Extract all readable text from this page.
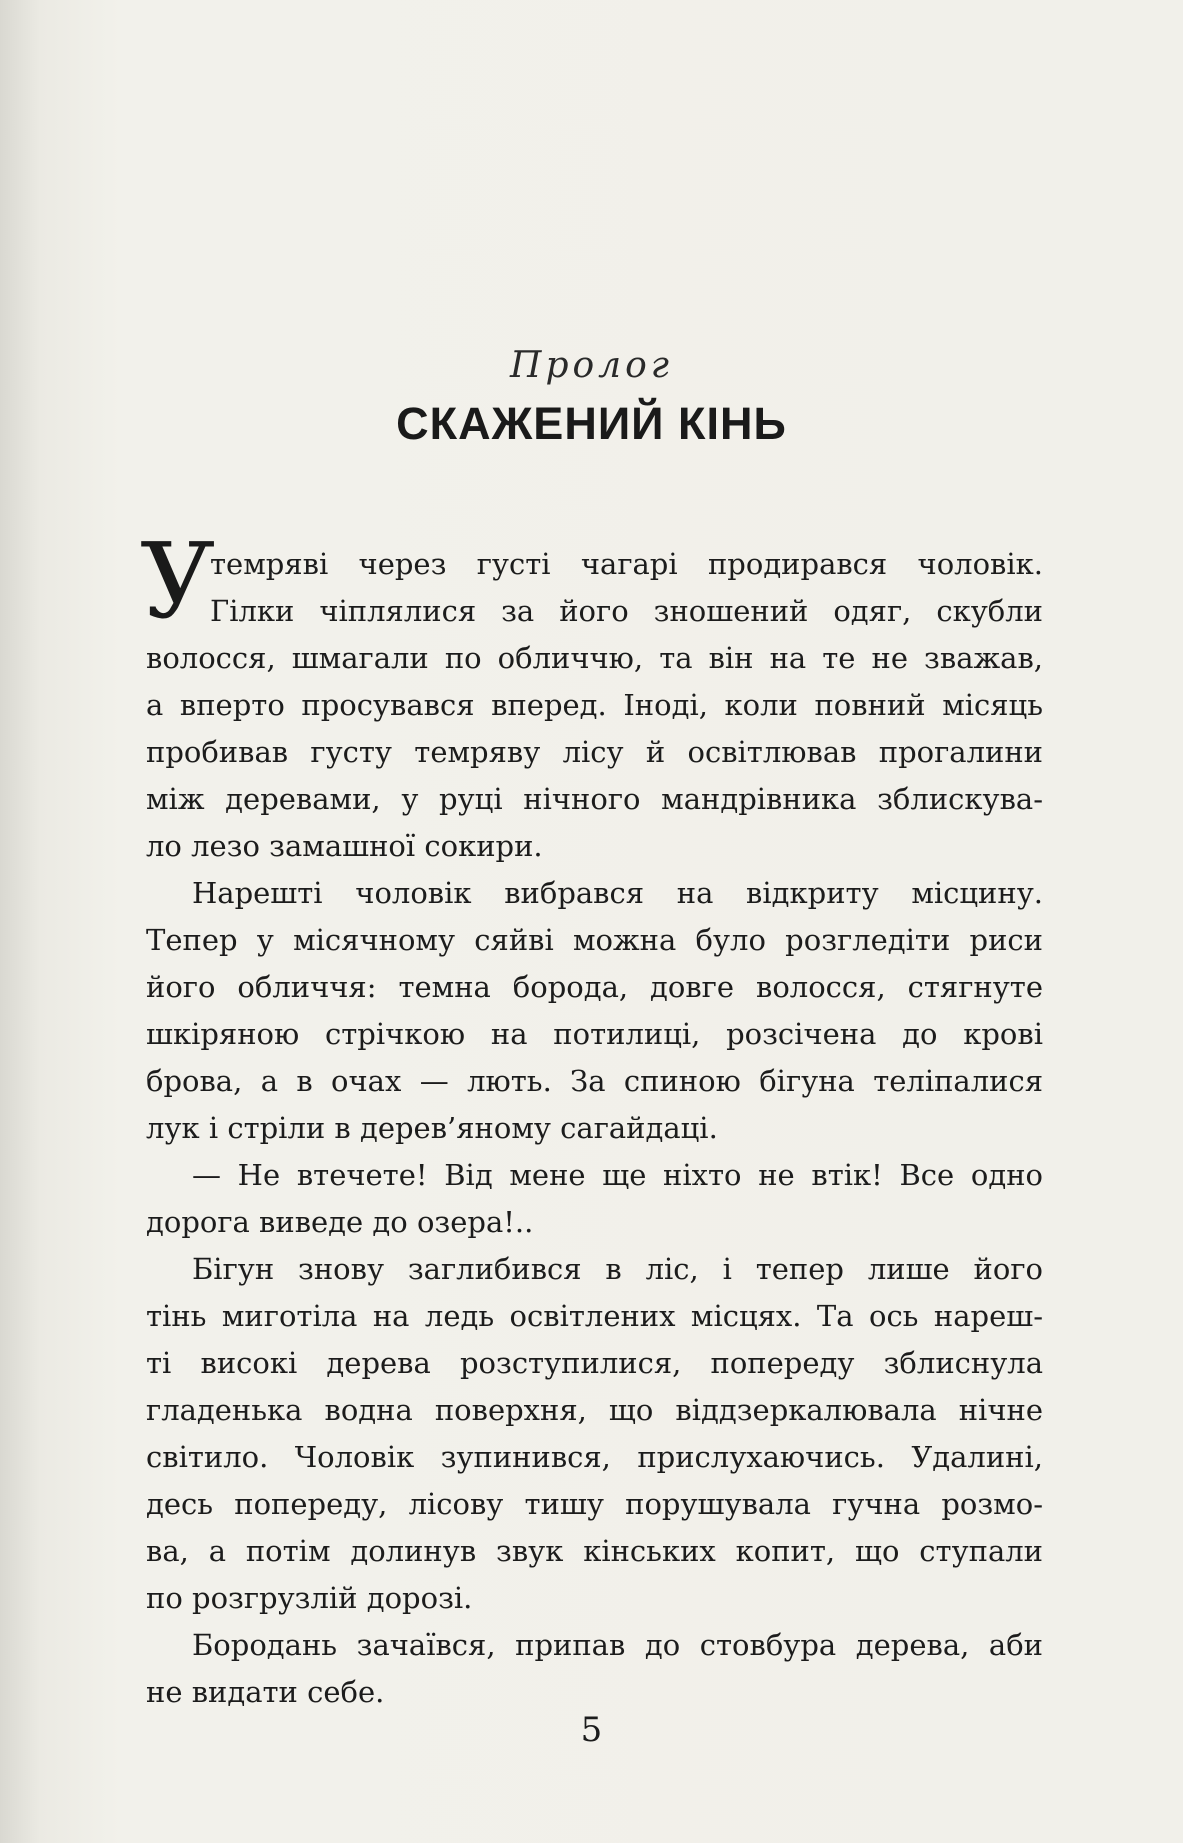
Пролог
СКАЖЕНИЙ КІНЬ
У
темряві через густі чагарі продирався чоловік.
Гілки чіплялися за його зношений одяг, скубли
волосся, шмагали по обличчю, та він на те не зважав,
а вперто просувався вперед. Іноді, коли повний місяць
пробивав густу темряву лісу й освітлював прогалини
між деревами, у руці нічного мандрівника зблискува-
ло лезо замашної сокири.
Нарешті чоловік вибрався на відкриту місцину.
Тепер у місячному сяйві можна було розгледіти риси
його обличчя: темна борода, довге волосся, стягнуте
шкіряною стрічкою на потилиці, розсічена до крові
брова, а в очах — лють. За спиною бігуна теліпалися
лук і стріли в дерев’яному сагайдаці.
— Не втечете! Від мене ще ніхто не втік! Все одно
дорога виведе до озера!..
Бігун знову заглибився в ліс, і тепер лише його
тінь миготіла на ледь освітлених місцях. Та ось нареш-
ті високі дерева розступилися, попереду зблиснула
гладенька водна поверхня, що віддзеркалювала нічне
світило. Чоловік зупинився, прислухаючись. Удалині,
десь попереду, лісову тишу порушувала гучна розмо-
ва, а потім долинув звук кінських копит, що ступали
по розгрузлій дорозі.
Бородань зачаївся, припав до стовбура дерева, аби
не видати себе.
5
